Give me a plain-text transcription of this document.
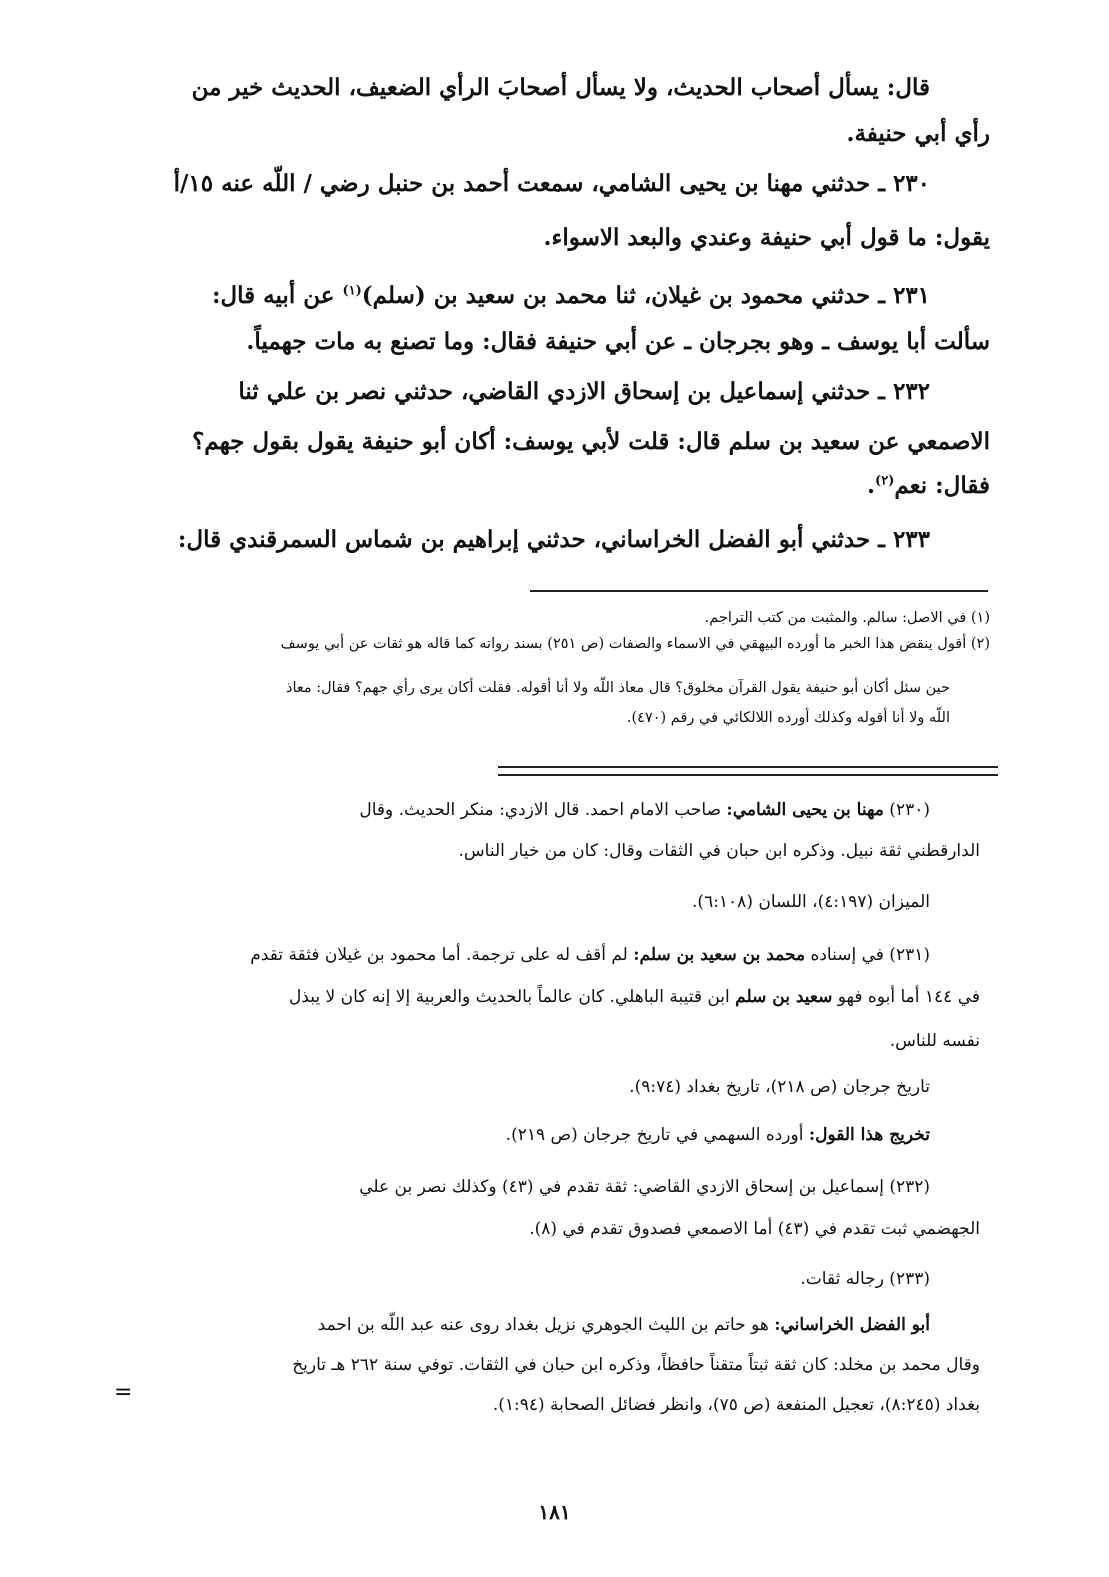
قال: يسأل أصحاب الحديث، ولا يسأل أصحابَ الرأي الضعيف، الحديث خير من
رأي أبي حنيفة.
٢٣٠ ـ حدثني مهنا بن يحيى الشامي، سمعت أحمد بن حنبل رضي / اللّه عنه ١٥/أ
يقول: ما قول أبي حنيفة وعندي والبعد الاسواء.
٢٣١ ـ حدثني محمود بن غيلان، ثنا محمد بن سعيد بن (سلم)$^{(١)}$ عن أبيه قال:
سألت أبا يوسف ـ وهو بجرجان ـ عن أبي حنيفة فقال: وما تصنع به مات جهمياً.
٢٣٢ ـ حدثني إسماعيل بن إسحاق الازدي القاضي، حدثني نصر بن علي ثنا
الاصمعي عن سعيد بن سلم قال: قلت لأبي يوسف: أكان أبو حنيفة يقول بقول جهم؟
فقال: نعم$^{(٢)}$.
٢٣٣ ـ حدثني أبو الفضل الخراساني، حدثني إبراهيم بن شماس السمرقندي قال:
(١) في الاصل: سالم. والمثبت من كتب التراجم.
(٢) أقول ينقض هذا الخبر ما أورده البيهقي في الاسماء والصفات (ص ٢٥١) بسند رواته كما قاله هو ثقات عن أبي يوسف
حين سئل أكان أبو حنيفة يقول القرآن مخلوق؟ قال معاذ اللّه ولا أنا أقوله. فقلت أكان يرى رأي جهم؟ فقال: معاذ
اللّه ولا أنا أقوله وكذلك أورده اللالكائي في رقم (٤٧٠).
(٢٣٠) مهنا بن يحيى الشامي: صاحب الامام احمد. قال الازدي: منكر الحديث. وقال
الدارقطني ثقة نبيل. وذكره ابن حبان في الثقات وقال: كان من خيار الناس.
الميزان (٤:١٩٧)، اللسان (٦:١٠٨).
(٢٣١) في إسناده محمد بن سعيد بن سلم: لم أقف له على ترجمة. أما محمود بن غيلان فثقة تقدم
في ١٤٤ أما أبوه فهو سعيد بن سلم ابن قتيبة الباهلي. كان عالماً بالحديث والعربية إلا إنه كان لا يبذل
نفسه للناس.
تاريخ جرجان (ص ٢١٨)، تاريخ بغداد (٩:٧٤).
تخريج هذا القول: أورده السهمي في تاريخ جرجان (ص ٢١٩).
(٢٣٢) إسماعيل بن إسحاق الازدي القاضي: ثقة تقدم في (٤٣) وكذلك نصر بن علي
الجهضمي ثبت تقدم في (٤٣) أما الاصمعي فصدوق تقدم في (٨).
(٢٣٣) رجاله ثقات.
أبو الفضل الخراساني: هو حاتم بن الليث الجوهري نزيل بغداد روى عنه عبد اللّه بن احمد
وقال محمد بن مخلد: كان ثقة ثبتاً متقناً حافظاً، وذكره ابن حبان في الثقات. توفي سنة ٢٦٢ هـ تاريخ
بغداد (٨:٢٤٥)، تعجيل المنفعة (ص ٧٥)، وانظر فضائل الصحابة (١:٩٤).
=
١٨١
